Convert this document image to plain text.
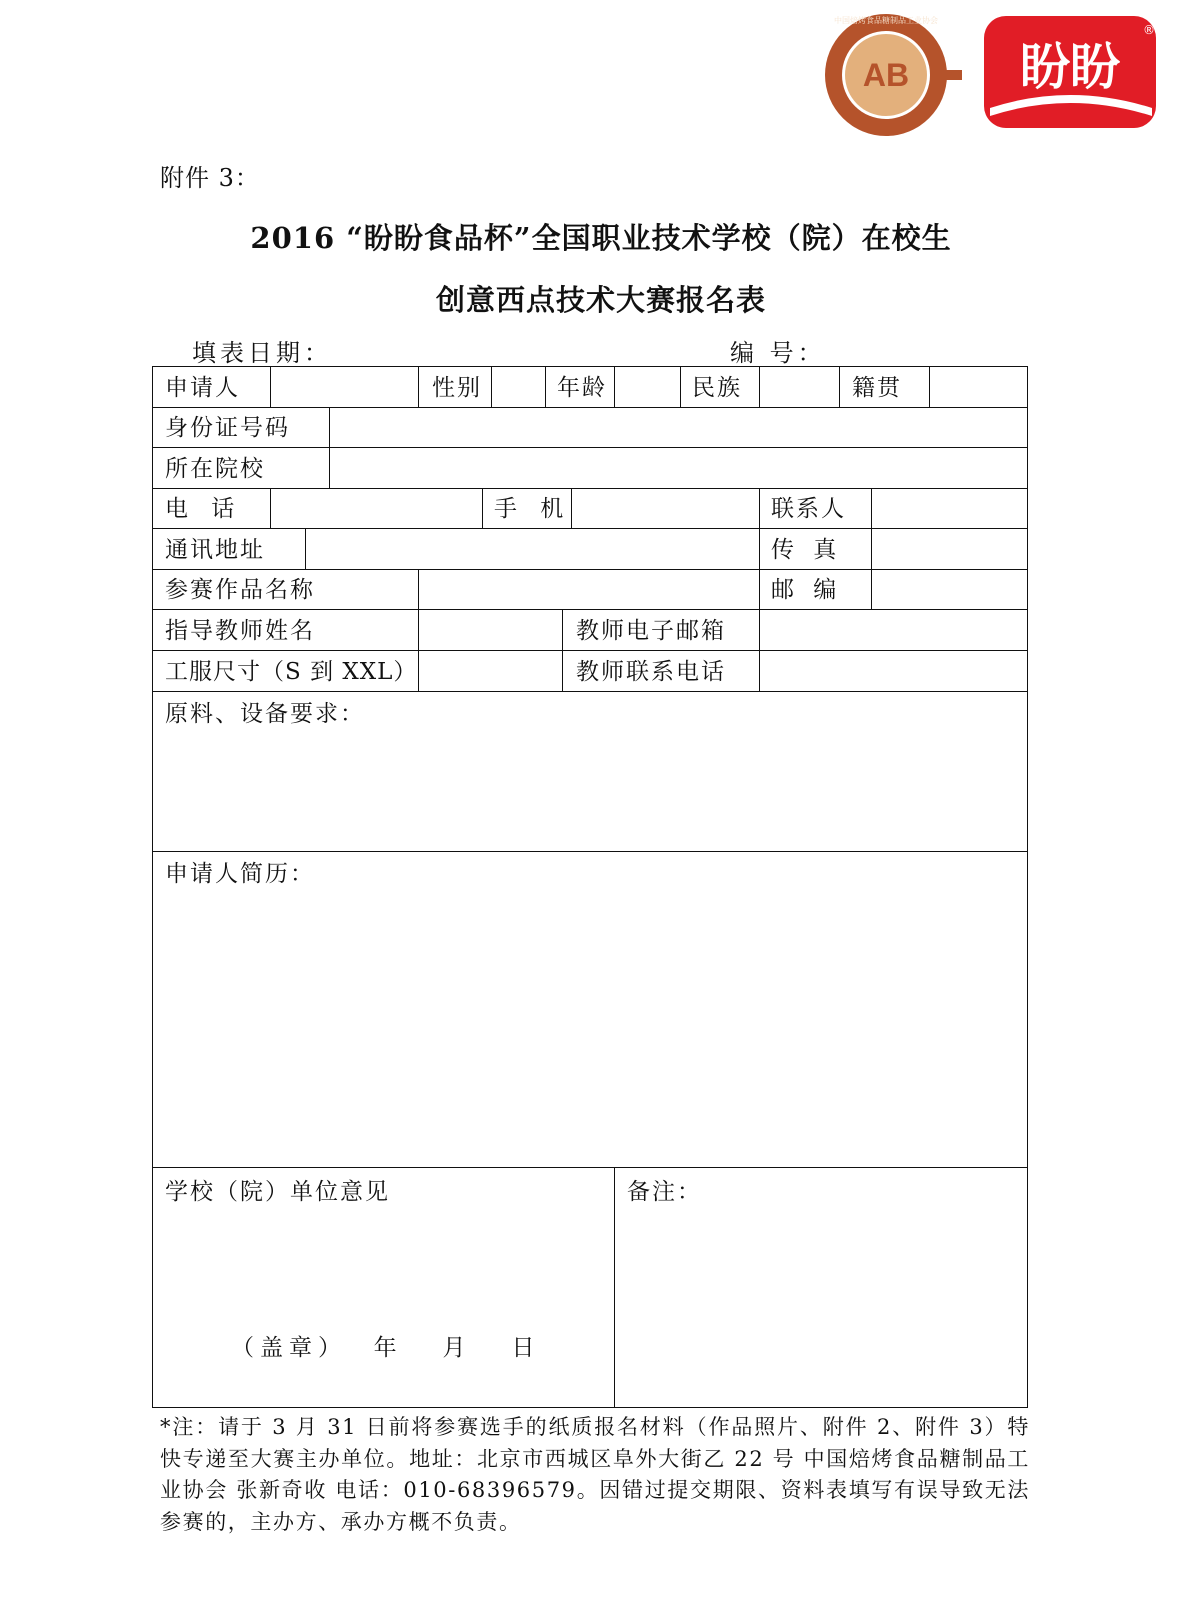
AB
中国焙烤食品糖制品工业协会
盼盼
®
附件 3：
2016 “盼盼食品杯”全国职业技术学校（院）在校生
创意西点技术大赛报名表
填表日期：	编 号：
申请人	性别	年龄	民族	籍贯
身份证号码
所在院校
电 话	手 机	联系人
通讯地址	传 真
参赛作品名称	邮 编
指导教师姓名	教师电子邮箱
工服尺寸（S 到 XXL）	教师联系电话
原料、设备要求：
申请人简历：
学校（院）单位意见
（盖章）  年   月   日
备注：
*注：请于 3 月 31 日前将参赛选手的纸质报名材料（作品照片、附件 2、附件 3）特快专递至大赛主办单位。地址：北京市西城区阜外大街乙 22 号 中国焙烤食品糖制品工业协会 张新奇收 电话：010-68396579。因错过提交期限、资料表填写有误导致无法参赛的，主办方、承办方概不负责。
